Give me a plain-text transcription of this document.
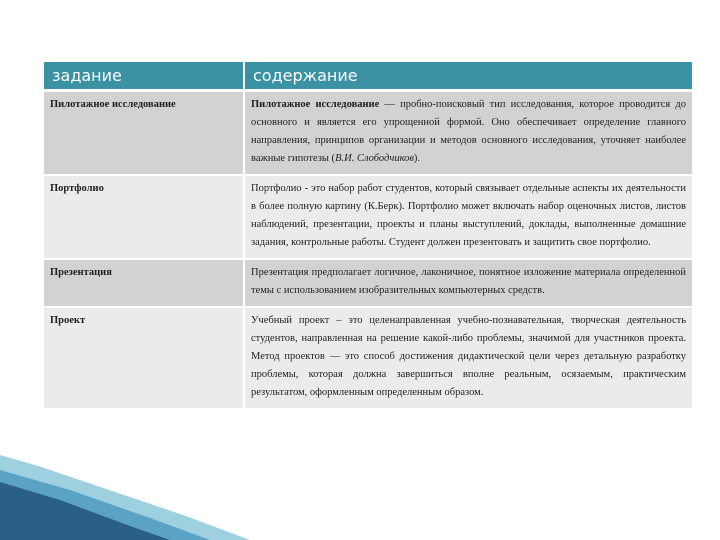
задание	содержание
Пилотажное исследование	Пилотажное исследование — пробно-поисковый тип исследования, которое проводится до основного и является его упрощенной формой. Оно обеспечивает определение главного направления, принципов организации и методов основного исследования, уточняет наиболее важные гипотезы (В.И. Слободчиков).
Портфолио	Портфолио - это набор работ студентов, который связывает отдельные аспекты их деятельности в более полную картину (К.Берк). Портфолио может включать набор оценочных листов, листов наблюдений, презентации, проекты и планы выступлений, доклады, выполненные домашние задания, контрольные работы. Студент должен презентовать и защитить свое портфолио.
Презентация	Презентация предполагает логичное, лаконичное, понятное изложение материала определенной темы с использованием изобразительных компьютерных средств.
Проект	Учебный проект – это целенаправленная учебно-познавательная, творческая деятельность студентов, направленная на решение какой-либо проблемы, значимой для участников проекта. Метод проектов — это способ достижения дидактической цели через детальную разработку проблемы, которая должна завершиться вполне реальным, осязаемым, практическим результатом, оформленным определенным образом.
